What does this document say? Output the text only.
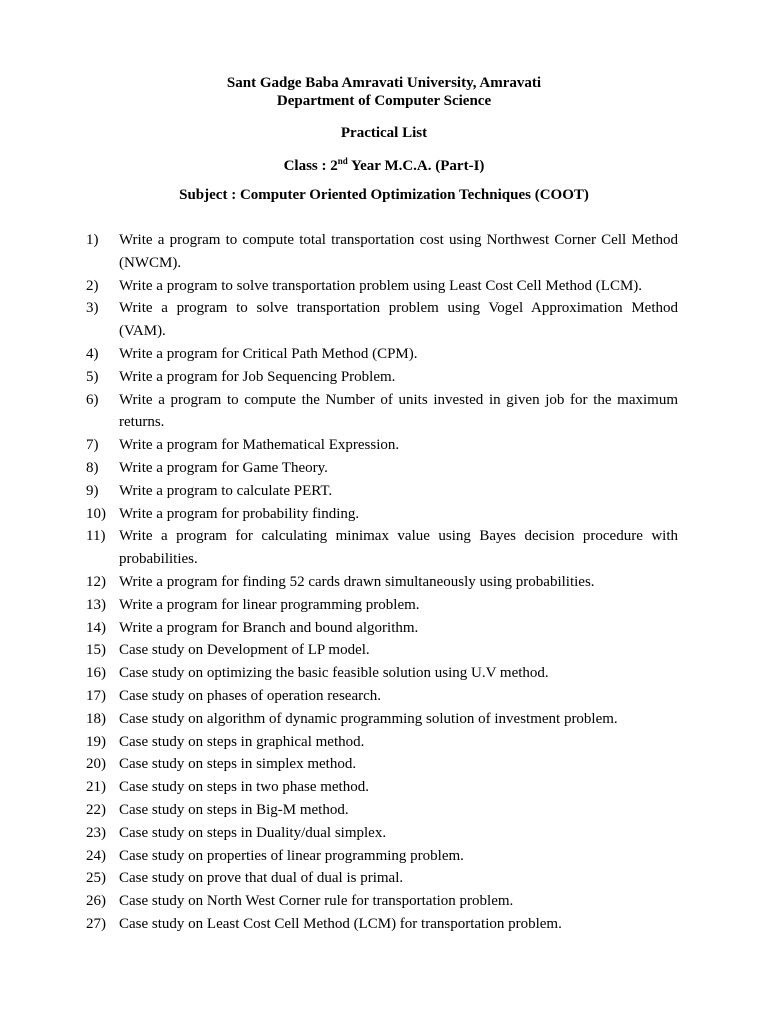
Sant Gadge Baba Amravati University, Amravati
Department of Computer Science
Practical List
Class : 2nd Year M.C.A. (Part-I)
Subject : Computer Oriented Optimization Techniques (COOT)
1)	Write a program to compute total transportation cost using Northwest Corner Cell Method (NWCM).
2)	Write a program to solve transportation problem using Least Cost Cell Method (LCM).
3)	Write a program to solve transportation problem using Vogel Approximation Method (VAM).
4)	Write a program for Critical Path Method (CPM).
5)	Write a program for Job Sequencing Problem.
6)	Write a program to compute the Number of units invested in given job for the maximum returns.
7)	Write a program for Mathematical Expression.
8)	Write a program for Game Theory.
9)	Write a program to calculate PERT.
10) Write a program for probability finding.
11) Write a program for calculating minimax value using Bayes decision procedure with probabilities.
12) Write a program for finding 52 cards drawn simultaneously using probabilities.
13) Write a program for linear programming problem.
14) Write a program for Branch and bound algorithm.
15) Case study on Development of LP model.
16) Case study on optimizing the basic feasible solution using U.V method.
17) Case study on phases of operation research.
18) Case study on algorithm of dynamic programming solution of investment problem.
19) Case study on steps in graphical method.
20) Case study on steps in simplex method.
21) Case study on steps in two phase method.
22) Case study on steps in Big-M method.
23) Case study on steps in Duality/dual simplex.
24) Case study on properties of linear programming problem.
25) Case study on prove that dual of dual is primal.
26) Case study on North West Corner rule for transportation problem.
27) Case study on Least Cost Cell Method (LCM) for transportation problem.
